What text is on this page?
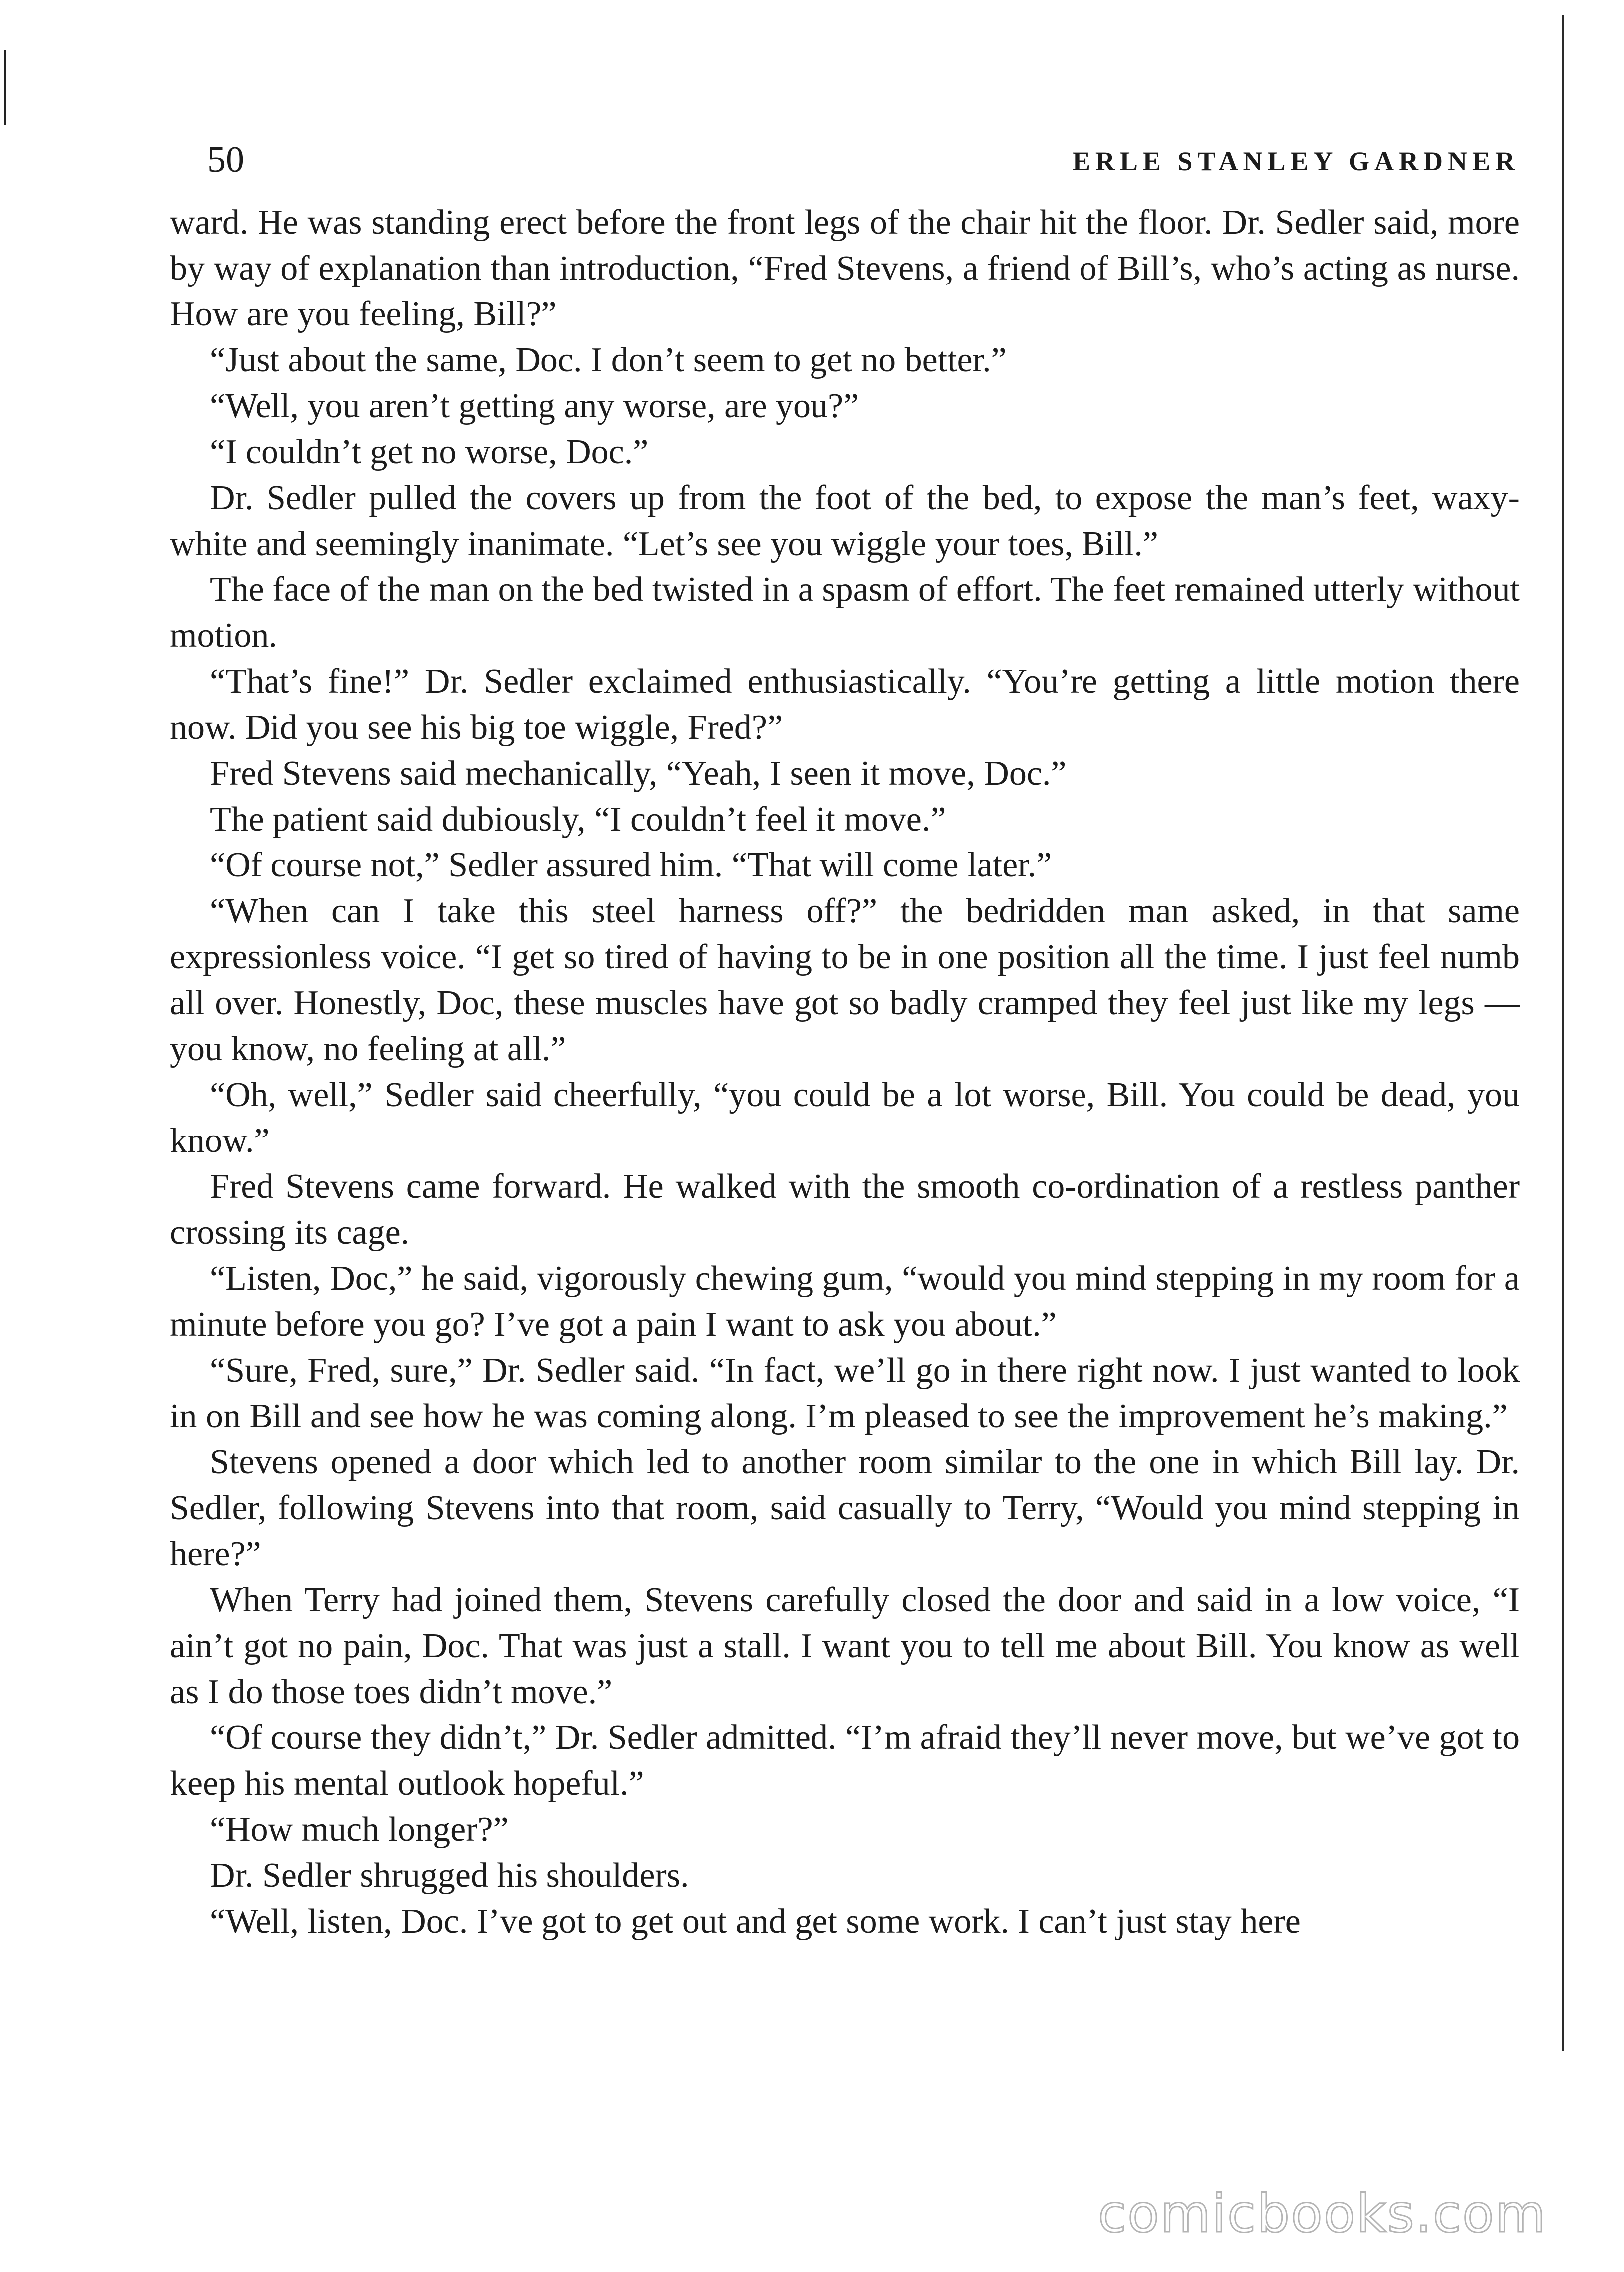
50	ERLE STANLEY GARDNER

ward. He was standing erect before the front legs of the chair hit the floor. Dr. Sedler said, more by way of explanation than introduction, “Fred Stevens, a friend of Bill’s, who’s acting as nurse. How are you feeling, Bill?”

“Just about the same, Doc. I don’t seem to get no better.”

“Well, you aren’t getting any worse, are you?”

“I couldn’t get no worse, Doc.”

Dr. Sedler pulled the covers up from the foot of the bed, to expose the man’s feet, waxy-white and seemingly inanimate. “Let’s see you wiggle your toes, Bill.”

The face of the man on the bed twisted in a spasm of effort. The feet remained utterly without motion.

“That’s fine!” Dr. Sedler exclaimed enthusiastically. “You’re getting a little motion there now. Did you see his big toe wiggle, Fred?”

Fred Stevens said mechanically, “Yeah, I seen it move, Doc.”

The patient said dubiously, “I couldn’t feel it move.”

“Of course not,” Sedler assured him. “That will come later.”

“When can I take this steel harness off?” the bedridden man asked, in that same expressionless voice. “I get so tired of having to be in one position all the time. I just feel numb all over. Honestly, Doc, these muscles have got so badly cramped they feel just like my legs — you know, no feeling at all.”

“Oh, well,” Sedler said cheerfully, “you could be a lot worse, Bill. You could be dead, you know.”

Fred Stevens came forward. He walked with the smooth co-ordination of a restless panther crossing its cage.

“Listen, Doc,” he said, vigorously chewing gum, “would you mind stepping in my room for a minute before you go? I’ve got a pain I want to ask you about.”

“Sure, Fred, sure,” Dr. Sedler said. “In fact, we’ll go in there right now. I just wanted to look in on Bill and see how he was coming along. I’m pleased to see the improvement he’s making.”

Stevens opened a door which led to another room similar to the one in which Bill lay. Dr. Sedler, following Stevens into that room, said casually to Terry, “Would you mind stepping in here?”

When Terry had joined them, Stevens carefully closed the door and said in a low voice, “I ain’t got no pain, Doc. That was just a stall. I want you to tell me about Bill. You know as well as I do those toes didn’t move.”

“Of course they didn’t,” Dr. Sedler admitted. “I’m afraid they’ll never move, but we’ve got to keep his mental outlook hopeful.”

“How much longer?”

Dr. Sedler shrugged his shoulders.

“Well, listen, Doc. I’ve got to get out and get some work. I can’t just stay here

comicbooks.com
